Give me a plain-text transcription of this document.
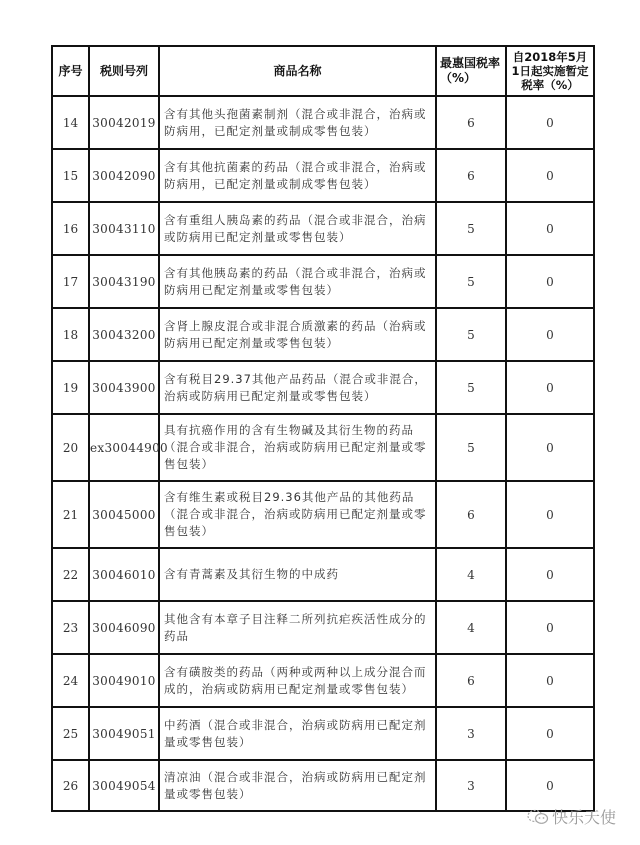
序号	税则号列	商品名称	最惠国税率（%）	自2018年5月1日起实施暂定税率（%）
14	30042019	含有其他头孢菌素制剂（混合或非混合，治病或防病用，已配定剂量或制成零售包装）	6	0
15	30042090	含有其他抗菌素的药品（混合或非混合，治病或防病用，已配定剂量或制成零售包装）	6	0
16	30043110	含有重组人胰岛素的药品（混合或非混合，治病或防病用已配定剂量或零售包装）	5	0
17	30043190	含有其他胰岛素的药品（混合或非混合，治病或防病用已配定剂量或零售包装）	5	0
18	30043200	含肾上腺皮混合或非混合质激素的药品（治病或防病用已配定剂量或零售包装）	5	0
19	30043900	含有税目29.37其他产品药品（混合或非混合，治病或防病用已配定剂量或零售包装）	5	0
20	ex30044900	具有抗癌作用的含有生物碱及其衍生物的药品（混合或非混合，治病或防病用已配定剂量或零售包装）	5	0
21	30045000	含有维生素或税目29.36其他产品的其他药品（混合或非混合，治病或防病用已配定剂量或零售包装）	6	0
22	30046010	含有青蒿素及其衍生物的中成药	4	0
23	30046090	其他含有本章子目注释二所列抗疟疾活性成分的药品	4	0
24	30049010	含有磺胺类的药品（两种或两种以上成分混合而成的，治病或防病用已配定剂量或零售包装）	6	0
25	30049051	中药酒（混合或非混合，治病或防病用已配定剂量或零售包装）	3	0
26	30049054	清凉油（混合或非混合，治病或防病用已配定剂量或零售包装）	3	0
快乐天使
